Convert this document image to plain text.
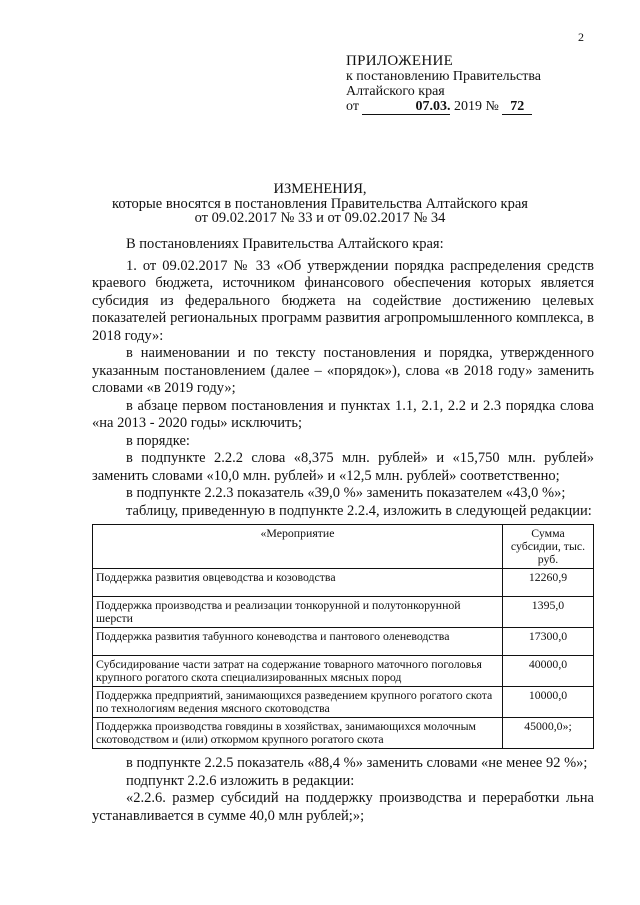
2
ПРИЛОЖЕНИЕ
к постановлению Правительства
Алтайского края
от	07.03. 2019 № 72
ИЗМЕНЕНИЯ,
которые вносятся в постановления Правительства Алтайского края
от 09.02.2017 № 33 и от 09.02.2017 № 34

В постановлениях Правительства Алтайского края:

1. от 09.02.2017 № 33 «Об утверждении порядка распределения средств краевого бюджета, источником финансового обеспечения которых является субсидия из федерального бюджета на содействие достижению целевых показателей региональных программ развития агропромышленного комплекса, в 2018 году»:

в наименовании и по тексту постановления и порядка, утвержденного указанным постановлением (далее – «порядок»), слова «в 2018 году» заменить словами «в 2019 году»;

в абзаце первом постановления и пунктах 1.1, 2.1, 2.2 и 2.3 порядка слова «на 2013 - 2020 годы» исключить;

в порядке:

в подпункте 2.2.2 слова «8,375 млн. рублей» и «15,750 млн. рублей» заменить словами «10,0 млн. рублей» и «12,5 млн. рублей» соответственно;

в подпункте 2.2.3 показатель «39,0 %» заменить показателем «43,0 %»;

таблицу, приведенную в подпункте 2.2.4, изложить в следующей редакции:

«Мероприятие	Сумма субсидии, тыс. руб.
Поддержка развития овцеводства и козоводства	12260,9
Поддержка производства и реализации тонкорунной и полутонкорунной шерсти	1395,0
Поддержка развития табунного коневодства и пантового оленеводства	17300,0
Субсидирование части затрат на содержание товарного маточного поголовья крупного рогатого скота специализированных мясных пород	40000,0
Поддержка предприятий, занимающихся разведением крупного рогатого скота по технологиям ведения мясного скотоводства	10000,0
Поддержка производства говядины в хозяйствах, занимающихся молочным скотоводством и (или) откормом крупного рогатого скота	45000,0»;

в подпункте 2.2.5 показатель «88,4 %» заменить словами «не менее 92 %»;

подпункт 2.2.6 изложить в редакции:

«2.2.6. размер субсидий на поддержку производства и переработки льна устанавливается в сумме 40,0 млн рублей;»;
